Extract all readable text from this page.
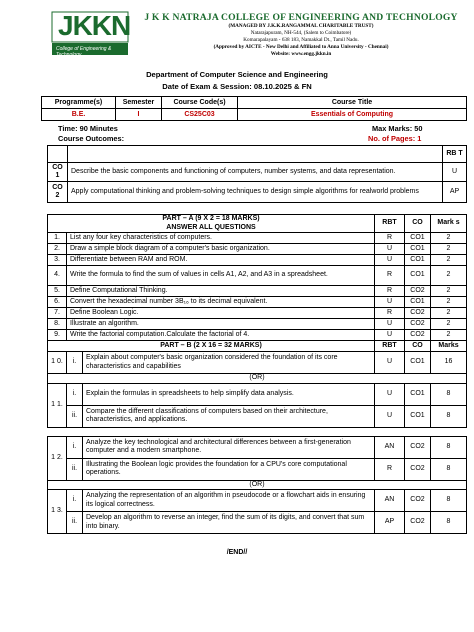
JKKN
College of Engineering & Technology
J K K NATRAJA COLLEGE OF ENGINEERING AND TECHNOLOGY
(MANAGED BY J.K.K.RANGAMMAL CHARITABLE TRUST)
Natarajapuram, NH-544, (Salem to Coimbatore)
Komarapalayam - 638 183, Namakkal Dt., Tamil Nadu.
(Approved by AICTE - New Delhi and Affiliated to Anna University - Chennai)
Website: www.engg.jkkn.in
Department of Computer Science and Engineering
Date of Exam & Session: 08.10.2025 & FN
Programme(s)	Semester	Course Code(s)	Course Title
B.E.	I	CS25C03	Essentials of Computing
Time: 90 Minutes	Max Marks: 50
Course Outcomes:	No. of Pages: 1
		RB T
CO 1	Describe the basic components and functioning of computers, number systems, and data representation.	U
CO 2	Apply computational thinking and problem-solving techniques to design simple algorithms for realworld problems	AP
PART – A (9 X 2 = 18 MARKS)
ANSWER ALL QUESTIONS			RBT	CO	Mark s
1.	List any four key characteristics of computers.		R	CO1	2
2.	Draw a simple block diagram of a computer's basic organization.		U	CO1	2
3.	Differentiate between RAM and ROM.		U	CO1	2
4.	Write the formula to find the sum of values in cells A1, A2, and A3 in a spreadsheet.		R	CO1	2
5.	Define Computational Thinking.		R	CO2	2
6.	Convert the hexadecimal number 3B₁₆ to its decimal equivalent.		U	CO1	2
7.	Define Boolean Logic.		R	CO2	2
8.	Illustrate an algorithm.		U	CO2	2
9.	Write the factorial computation.Calculate the factorial of 4.		U	CO2	2
PART – B (2 X 16 = 32 MARKS)			RBT	CO	Marks
1 0.	i.	Explain about computer's basic organization considered the foundation of its core characteristics and capabilities	U	CO1	16
(OR)					
1 1.	i.	Explain the formulas in spreadsheets to help simplify data analysis.	U	CO1	8
	ii.	Compare the different classifications of computers based on their architecture, characteristics, and applications.	U	CO1	8

1 2.	i.	Analyze the key technological and architectural differences between a first-generation computer and a modern smartphone.	AN	CO2	8
	ii.	Illustrating the Boolean logic provides the foundation for a CPU's core computational operations.	R	CO2	8
(OR)					
1 3.	i.	Analyzing the representation of an algorithm in pseudocode or a flowchart aids in ensuring its logical correctness.	AN	CO2	8
	ii.	Develop an algorithm to reverse an integer, find the sum of its digits, and convert that sum into binary.	AP	CO2	8
/END//
